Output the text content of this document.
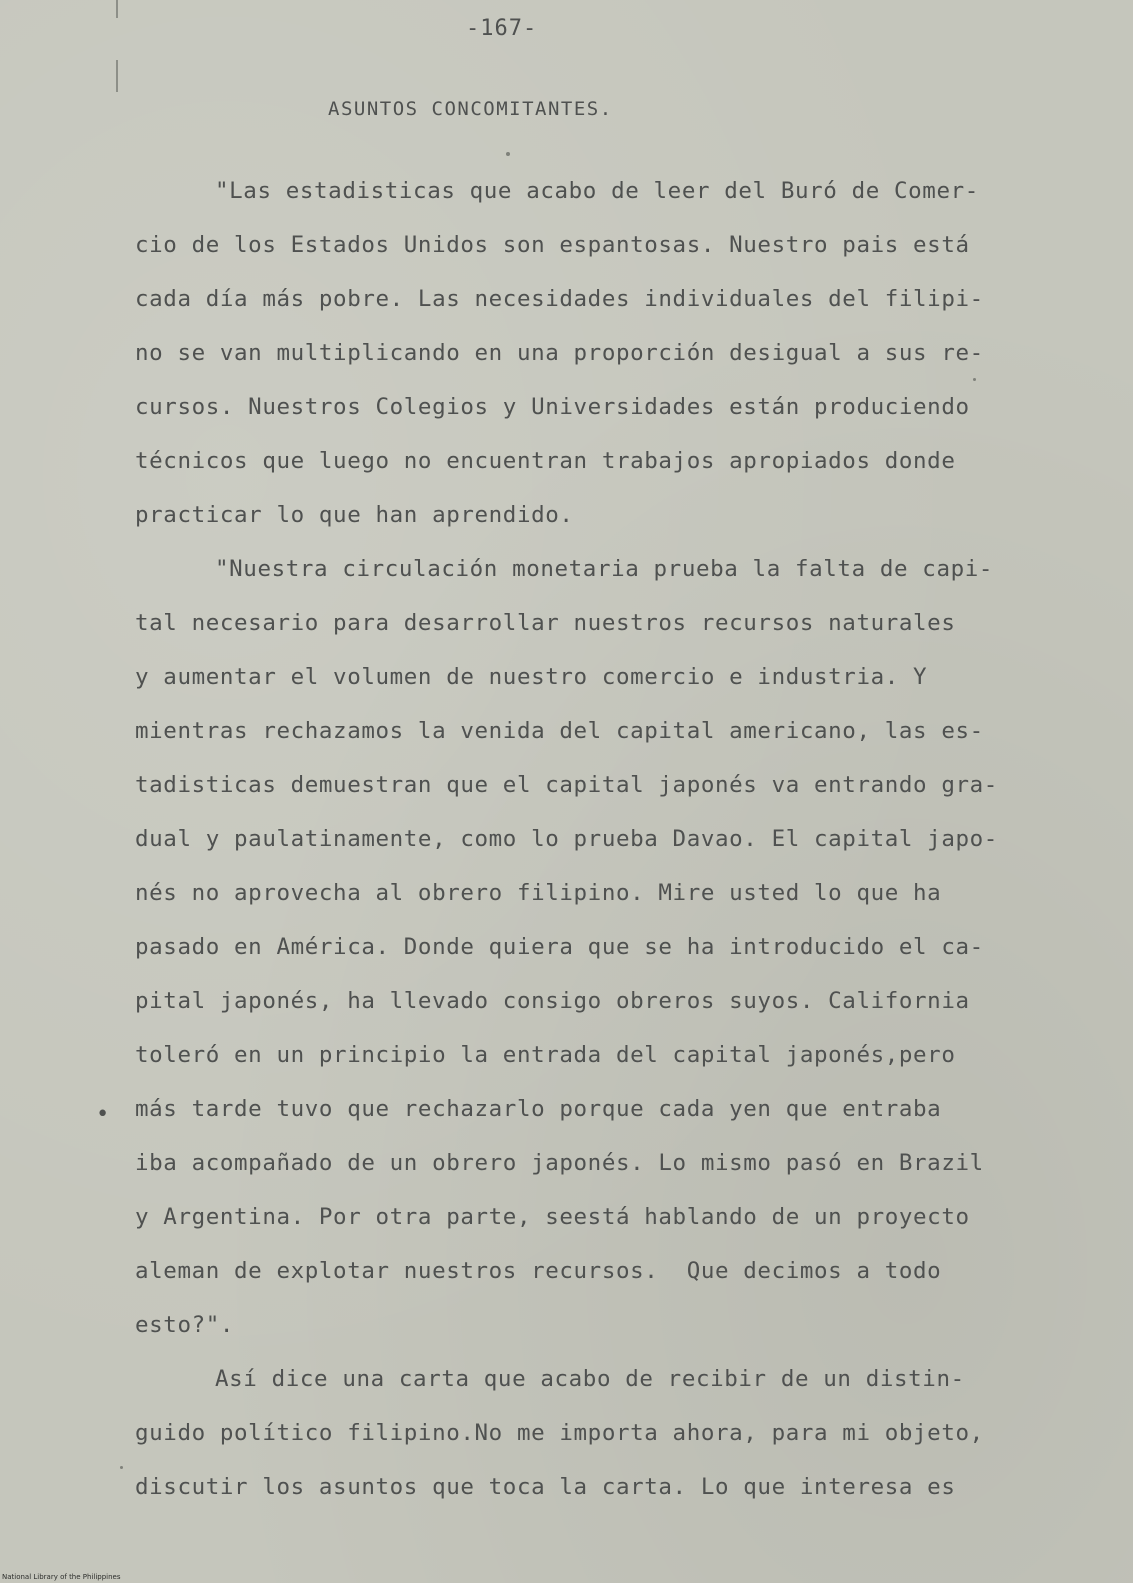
-167-
ASUNTOS CONCOMITANTES.
"Las estadisticas que acabo de leer del Buró de Comer-
cio de los Estados Unidos son espantosas. Nuestro pais está
cada día más pobre. Las necesidades individuales del filipi-
no se van multiplicando en una proporción desigual a sus re-
cursos. Nuestros Colegios y Universidades están produciendo
técnicos que luego no encuentran trabajos apropiados donde
practicar lo que han aprendido.
"Nuestra circulación monetaria prueba la falta de capi-
tal necesario para desarrollar nuestros recursos naturales
y aumentar el volumen de nuestro comercio e industria. Y
mientras rechazamos la venida del capital americano, las es-
tadisticas demuestran que el capital japonés va entrando gra-
dual y paulatinamente, como lo prueba Davao. El capital japo-
nés no aprovecha al obrero filipino. Mire usted lo que ha
pasado en América. Donde quiera que se ha introducido el ca-
pital japonés, ha llevado consigo obreros suyos. California
toleró en un principio la entrada del capital japonés,pero
más tarde tuvo que rechazarlo porque cada yen que entraba
iba acompañado de un obrero japonés. Lo mismo pasó en Brazil
y Argentina. Por otra parte, seestá hablando de un proyecto
aleman de explotar nuestros recursos.  Que decimos a todo
esto?".
Así dice una carta que acabo de recibir de un distin-
guido político filipino.No me importa ahora, para mi objeto,
discutir los asuntos que toca la carta. Lo que interesa es
•
National Library of the Philippines
